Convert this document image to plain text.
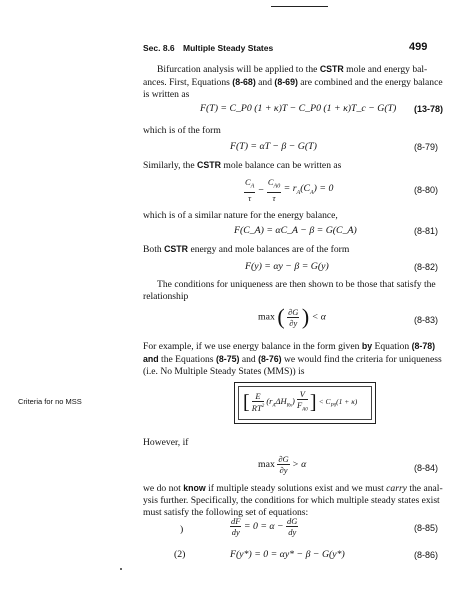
Sec. 8.6 Multiple Steady States	499
Bifurcation analysis will be applied to the CSTR mole and energy bal-
ances. First, Equations (8-68) and (8-69) are combined and the energy balance
is written as
F(T) = C_P0 (1 + κ)T − C_P0 (1 + κ)T_c − G(T) (13-78)
which is of the form
F(T) = αT − β − G(T)	(8-79)
Similarly, the CSTR mole balance can be written as
$\frac{C_A}{\tau} - \frac{C_{A0}}{\tau} = r_A(C_A) = 0$	(8-80)
which is of a similar nature for the energy balance,
F(C_A) = αC_A − β = G(C_A)	(8-81)
Both CSTR energy and mole balances are of the form
F(y) = αy − β = G(y)	(8-82)
The conditions for uniqueness are then shown to be those that satisfy the
relationship
max ( $\frac{\partial G}{\partial y}$ ) < α	(8-83)
For example, if we use energy balance in the form given by Equation (8-78)
and the Equations (8-75) and (8-76) we would find the criteria for uniqueness
(i.e. No Multiple Steady States (MMS)) is
Criteria for no MSS	[ $\frac{E}{RT^2} (r_A\Delta H_{Rx}) \frac{V}{F_{A0}}$ ] < $C_{P0}(1 + \kappa)$
However, if
$\max \frac{\partial G}{\partial y} > \alpha$	(8-84)
we do not know if multiple steady solutions exist and we must carry the anal-
ysis further. Specifically, the conditions for which multiple steady states exist
must satisfy the following set of equations:
)	$\frac{dF}{dy} = 0 = \alpha - \frac{dG}{dy}$	(8-85)
(2)	F(y*) = 0 = αy* − β − G(y*)	(8-86)
